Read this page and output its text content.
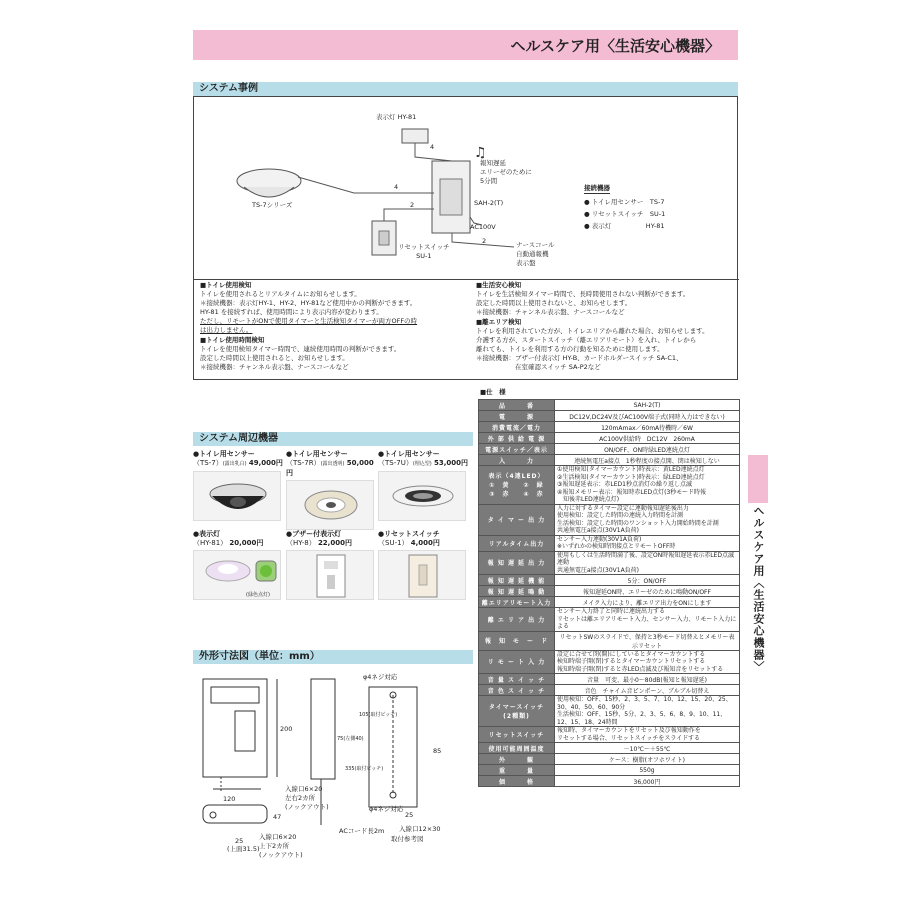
ヘルスケア用〈生活安心機器〉
ヘルスケア用〈生活安心機器〉
システム事例
♫
表示灯 HY-81
TS-7シリーズ
4
4
2
2
報知遅延
エリーゼのために
5分間
SAH-2(T)
AC100V
リセットスイッチ
SU-1
ナースコール
自動通報機
表示盤
接続機器
● トイレ用センサー　TS-7
● リセットスイッチ　SU-1
● 表示灯　　　　　 HY-81
■トイレ使用検知
トイレを使用されるとリアルタイムにお知らせします。
＊接続機器：表示灯HY-1、HY-2、HY-81など使用中かの判断ができます。
HY-81 を接続すれば、使用時間により表示内容が変わります。
ただし、リモートがONで使用タイマーと生活検知タイマーが両方OFFの時
は出力しません。
■トイレ使用時間検知
トイレを使用検知タイマー時間で、連続使用時間の判断ができます。
設定した時間以上使用されると、お知らせします。
＊接続機器：チャンネル表示盤、ナースコールなど
■生活安心検知
トイレを生活検知タイマー時間で、長時間使用されない判断ができます。
設定した時間以上使用されないと、お知らせします。
＊接続機器：チャンネル表示盤、ナースコールなど
■離エリア検知
トイレを利用されていた方が、トイレエリアから離れた場合、お知らせします。
介護する方が、スタートスイッチ（離エリアリモート）を入れ、トイレから
離れても、トイレを利用する方の行動を知るために使用します。
＊接続機器：ブザー付表示灯 HY-B、カードホルダースイッチ SA-C1、
　　　　　　在室確認スイッチ SA-P2など
システム周辺機器
●トイレ用センサー
（TS-7）(露出乳白) 49,000円
●トイレ用センサー
（TS-7R）(露出透明) 50,000円
●トイレ用センサー
（TS-7U）(埋込型) 53,000円
●表示灯
（HY-81） 20,000円
(緑色点灯)
●ブザー付表示灯
（HY-8） 22,000円
●リセットスイッチ
（SU-1） 4,000円
外形寸法図（単位：mm）
120
200
47
25
(上面31.5)
入線口6×20
上下2カ所
(ノックアウト)
入線口6×20
左右2カ所
(ノックアウト)
ACコード長2m
φ4ネジ対応
φ4ネジ対応
入線口12×30
取付参考図
25
85
75(左側40)
105(取付ピッチ)
335(取付ピッチ)
■仕　様
品　　　番	SAH-2(T)
電　　　源	DC12V,DC24V及びAC100V端子式(同時入力はできない)
消費電流／電力	120mAmax／60mA待機時／6W
外 部 供 給 電 源	AC100V供給時　DC12V　260mA
電源スイッチ／表示	ON/OFF、ON時緑LED連続点灯
入　　　力	連続無電圧a接点　1秒程度の接点開、閉は検知しない
表示（4連LED）
①　黄　　②　緑
③　赤　　④　赤	①使用検知(タイマーカウント)時表示：黄LED連続点灯
②生活検知(タイマーカウント)時表示：緑LED連続点灯
③報知遅延表示：赤LED1秒点消灯の繰り返し点滅
④報知メモリー表示：報知時赤LED点灯(3秒モード時報
　知後赤LED連続点灯)
タ イ マ ー 出 力	入力に対するタイマー設定に連動報知遅延後出力
使用検知：設定した時間の連続入力時間を計測
生活検知：設定した時間のワンショット入力開始時間を計測
共通無電圧a接点(30V1A負荷)
リアルタイム出力	センサー入力連動(30V1A負荷)
※いずれかの検知時閉接点とリモートOFF時
報 知 遅 延 出 力	使用もしくは生活時間満了後、設定ON時報知遅延表示赤LED点滅連動
共通無電圧a接点(30V1A負荷)
報 知 遅 延 機 能	5分：ON/OFF
報 知 遅 延 鳴 動	報知遅延ON時、エリーゼのために鳴動ON/OFF
離エリアリモート入力	メイク入力により、離エリア出力をONにします
離 エ リ ア 出 力	センサー入力終了と同時に連続出力する
リセットは離エリアリモート入力、センサー入力、リモート入力による
報　知　モ　ー　ド	リセットSWのスライドで、保持と3秒モード切替えとメモリー表示リセット
リ モ ー ト 入 力	設定に合せて閉(開)にしているとタイマーカウントする
検知時端子開(閉)するとタイマーカウントリセットする
報知時端子開(閉)すると赤LED点滅及び報知音をリセットする
音 量 ス イ ッ チ	音量　可変、最小0〜80dB(報知と報知遅延)
音 色 ス イ ッ チ	音色　チャイム音ピンポーン、ブルブル切替え
タイマースイッチ
(2種類)	使用検知：OFF、15秒、2、3、5、7、10、12、15、20、25、30、40、50、60、90分
生活検知：OFF、15秒、5分、2、3、5、6、8、9、10、11、12、15、18、24時間
リセットスイッチ	報知時、タイマーカウントをリセット及び報知動作を
リセットする場合、リセットスイッチをスライドする
使用可能周囲温度	－10℃〜＋55℃
外　　　観	ケース：樹脂(オフホワイト)
重　　　量	550g
価　　　格	36,000円
